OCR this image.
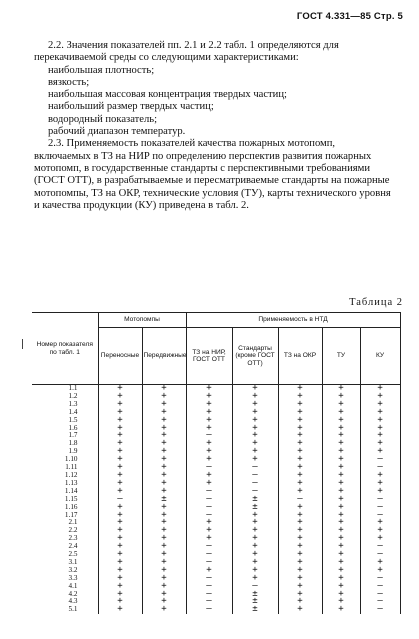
ГОСТ 4.331—85 Стр. 5

2.2. Значения показателей пп. 2.1 и 2.2 табл. 1 определяются для перекачиваемой среды со следующими характеристиками:

наибольшая плотность;

вязкость;

наибольшая массовая концентрация твердых частиц;

наибольший размер твердых частиц;

водородный показатель;

рабочий диапазон температур.

2.3. Применяемость показателей качества пожарных мотопомп, включаемых в ТЗ на НИР по определению перспектив развития пожарных мотопомп, в государственные стандарты с перспективными требованиями (ГОСТ ОТТ), в разрабатываемые и пересматриваемые стандарты на пожарные мотопомпы, ТЗ на ОКР, технические условия (ТУ), карты технического уровня и качества продукции (КУ) приведена в табл. 2.

Таблица 2
Номер показателя по табл. 1	Мотопомпы		Применяемость в НТД				
	Переносные	Передвижные	ТЗ на НИР, ГОСТ ОТТ	Стандарты (кроме ГОСТ ОТТ)	ТЗ на ОКР	ТУ	КУ
1.1	+	+	+	+	+	+	+
1.2	+	+	+	+	+	+	+
1.3	+	+	+	+	+	+	+
1.4	+	+	+	+	+	+	+
1.5	+	+	+	+	+	+	+
1.6	+	+	+	+	+	+	+
1.7	+	+	—	+	+	+	+
1.8	+	+	+	+	+	+	+
1.9	+	+	+	+	+	+	+
1.10	+	+	+	+	+	+	—
1.11	+	+	—	—	+	+	—
1.12	+	+	+	—	+	+	+
1.13	+	+	+	—	+	+	+
1.14	+	+	—	—	+	+	+
1.15	—	±	—	±	—	+	—
1.16	+	+	—	±	+	+	—
1.17	+	+	—	+	+	+	—
2.1	+	+	+	+	+	+	+
2.2	+	+	+	+	+	+	+
2.3	+	+	+	+	+	+	+
2.4	+	+	—	+	+	+	—
2.5	+	+	—	+	+	+	—
3.1	+	+	—	+	+	+	+
3.2	+	+	+	+	+	+	+
3.3	+	+	—	+	+	+	—
4.1	+	+	—	—	+	+	—
4.2	+	+	—	±	+	+	—
4.3	+	+	—	±	+	+	—
5.1	+	+	—	±	+	+	—
